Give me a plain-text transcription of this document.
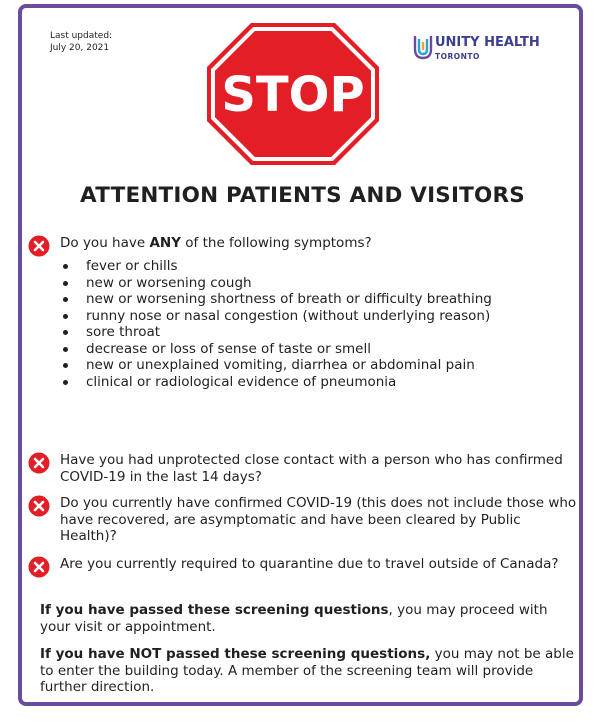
Last updated:
July 20, 2021	UNITY HEALTH
TORONTO
STOP
ATTENTION PATIENTS AND VISITORS
Do you have ANY of the following symptoms?
fever or chills
new or worsening cough
new or worsening shortness of breath or difficulty breathing
runny nose or nasal congestion (without underlying reason)
sore throat
decrease or loss of sense of taste or smell
new or unexplained vomiting, diarrhea or abdominal pain
clinical or radiological evidence of pneumonia
Have you had unprotected close contact with a person who has confirmed COVID-19 in the last 14 days?
Do you currently have confirmed COVID-19 (this does not include those who have recovered, are asymptomatic and have been cleared by Public Health)?
Are you currently required to quarantine due to travel outside of Canada?
If you have passed these screening questions, you may proceed with your visit or appointment.
If you have NOT passed these screening questions, you may not be able to enter the building today. A member of the screening team will provide further direction.
